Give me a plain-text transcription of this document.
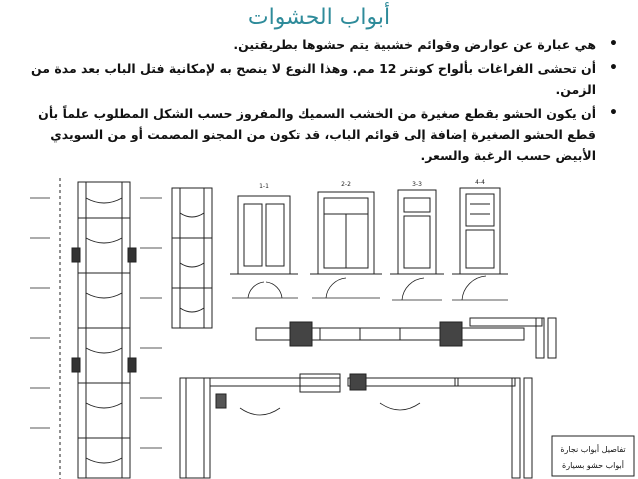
أبواب الحشوات
•
هي عبارة عن عوارض وقوائم خشبية يتم حشوها بطريقتين.
•
أن تحشى الفراغات بألواح كونتر 12 مم. وهذا النوع لا ينصح به لإمكانية فتل الباب بعد مدة من الزمن.
•
أن يكون الحشو بقطع صغيرة من الخشب السميك والمفروز حسب الشكل المطلوب علماً بأن قطع الحشو الصغيرة إضافة إلى قوائم الباب، قد تكون من المجنو المصمت أو من السويدي الأبيض حسب الرغبة والسعر.
1-1	2-2	3-3	4-4
تفاصيل أبواب نجارة
أبواب حشو بسيارة
